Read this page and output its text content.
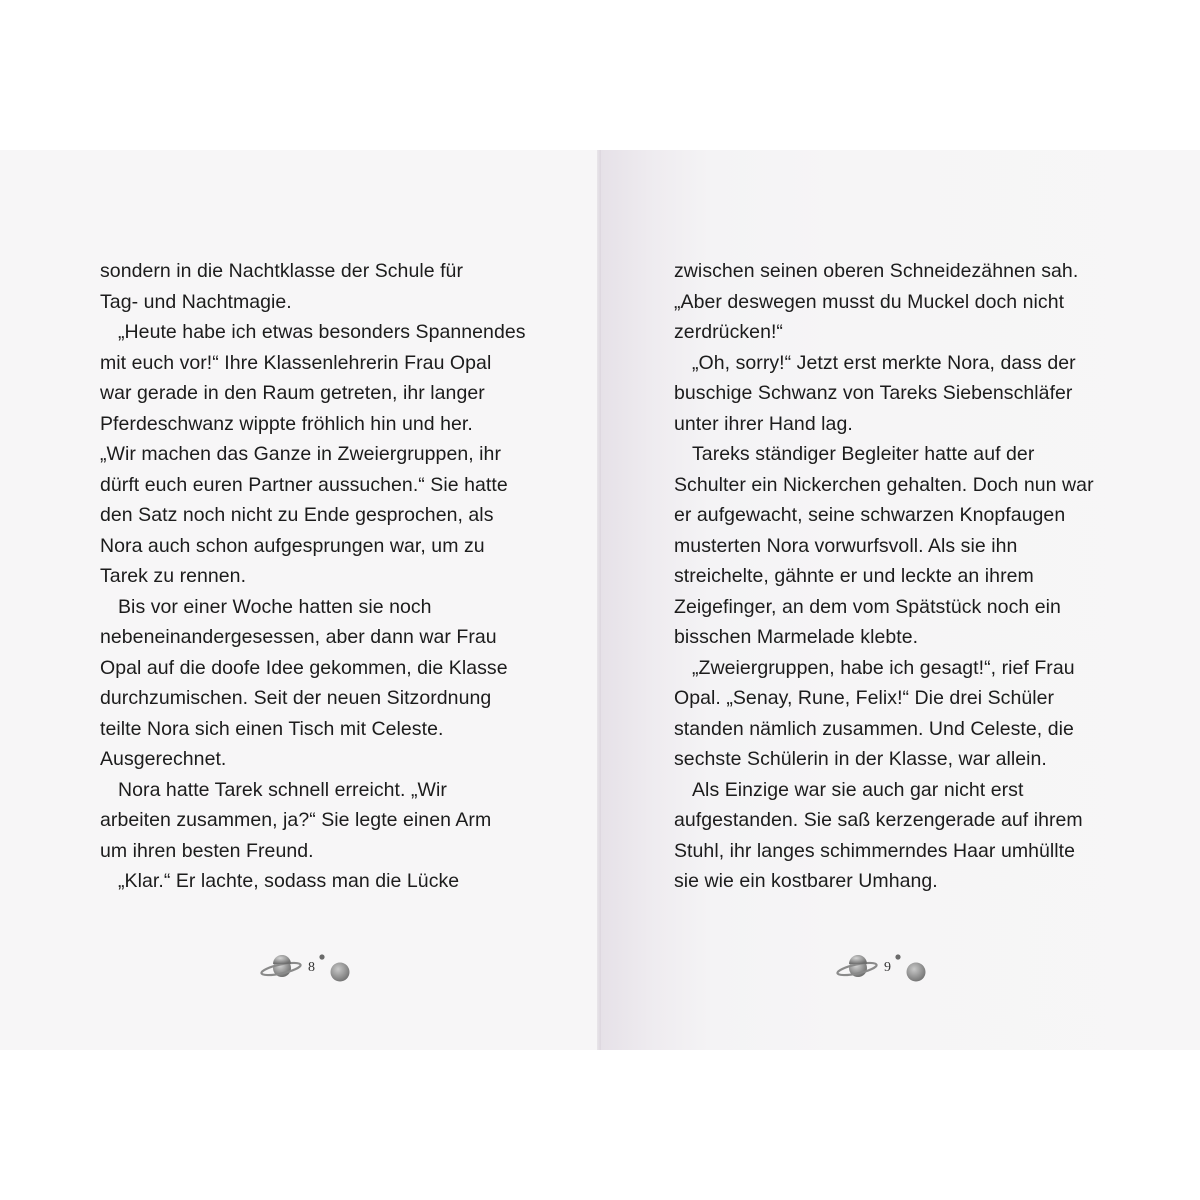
sondern in die Nachtklasse der Schule für
Tag- und Nachtmagie.
„Heute habe ich etwas besonders Spannendes
mit euch vor!“ Ihre Klassenlehrerin Frau Opal
war gerade in den Raum getreten, ihr langer
Pferdeschwanz wippte fröhlich hin und her.
„Wir machen das Ganze in Zweiergruppen, ihr
dürft euch euren Partner aussuchen.“ Sie hatte
den Satz noch nicht zu Ende gesprochen, als
Nora auch schon aufgesprungen war, um zu
Tarek zu rennen.
Bis vor einer Woche hatten sie noch
nebeneinandergesessen, aber dann war Frau
Opal auf die doofe Idee gekommen, die Klasse
durchzumischen. Seit der neuen Sitzordnung
teilte Nora sich einen Tisch mit Celeste.
Ausgerechnet.
Nora hatte Tarek schnell erreicht. „Wir
arbeiten zusammen, ja?“ Sie legte einen Arm
um ihren besten Freund.
„Klar.“ Er lachte, sodass man die Lücke
8
zwischen seinen oberen Schneidezähnen sah.
„Aber deswegen musst du Muckel doch nicht
zerdrücken!“
„Oh, sorry!“ Jetzt erst merkte Nora, dass der
buschige Schwanz von Tareks Siebenschläfer
unter ihrer Hand lag.
Tareks ständiger Begleiter hatte auf der
Schulter ein Nickerchen gehalten. Doch nun war
er aufgewacht, seine schwarzen Knopfaugen
musterten Nora vorwurfsvoll. Als sie ihn
streichelte, gähnte er und leckte an ihrem
Zeigefinger, an dem vom Spätstück noch ein
bisschen Marmelade klebte.
„Zweiergruppen, habe ich gesagt!“, rief Frau
Opal. „Senay, Rune, Felix!“ Die drei Schüler
standen nämlich zusammen. Und Celeste, die
sechste Schülerin in der Klasse, war allein.
Als Einzige war sie auch gar nicht erst
aufgestanden. Sie saß kerzengerade auf ihrem
Stuhl, ihr langes schimmerndes Haar umhüllte
sie wie ein kostbarer Umhang.
9
